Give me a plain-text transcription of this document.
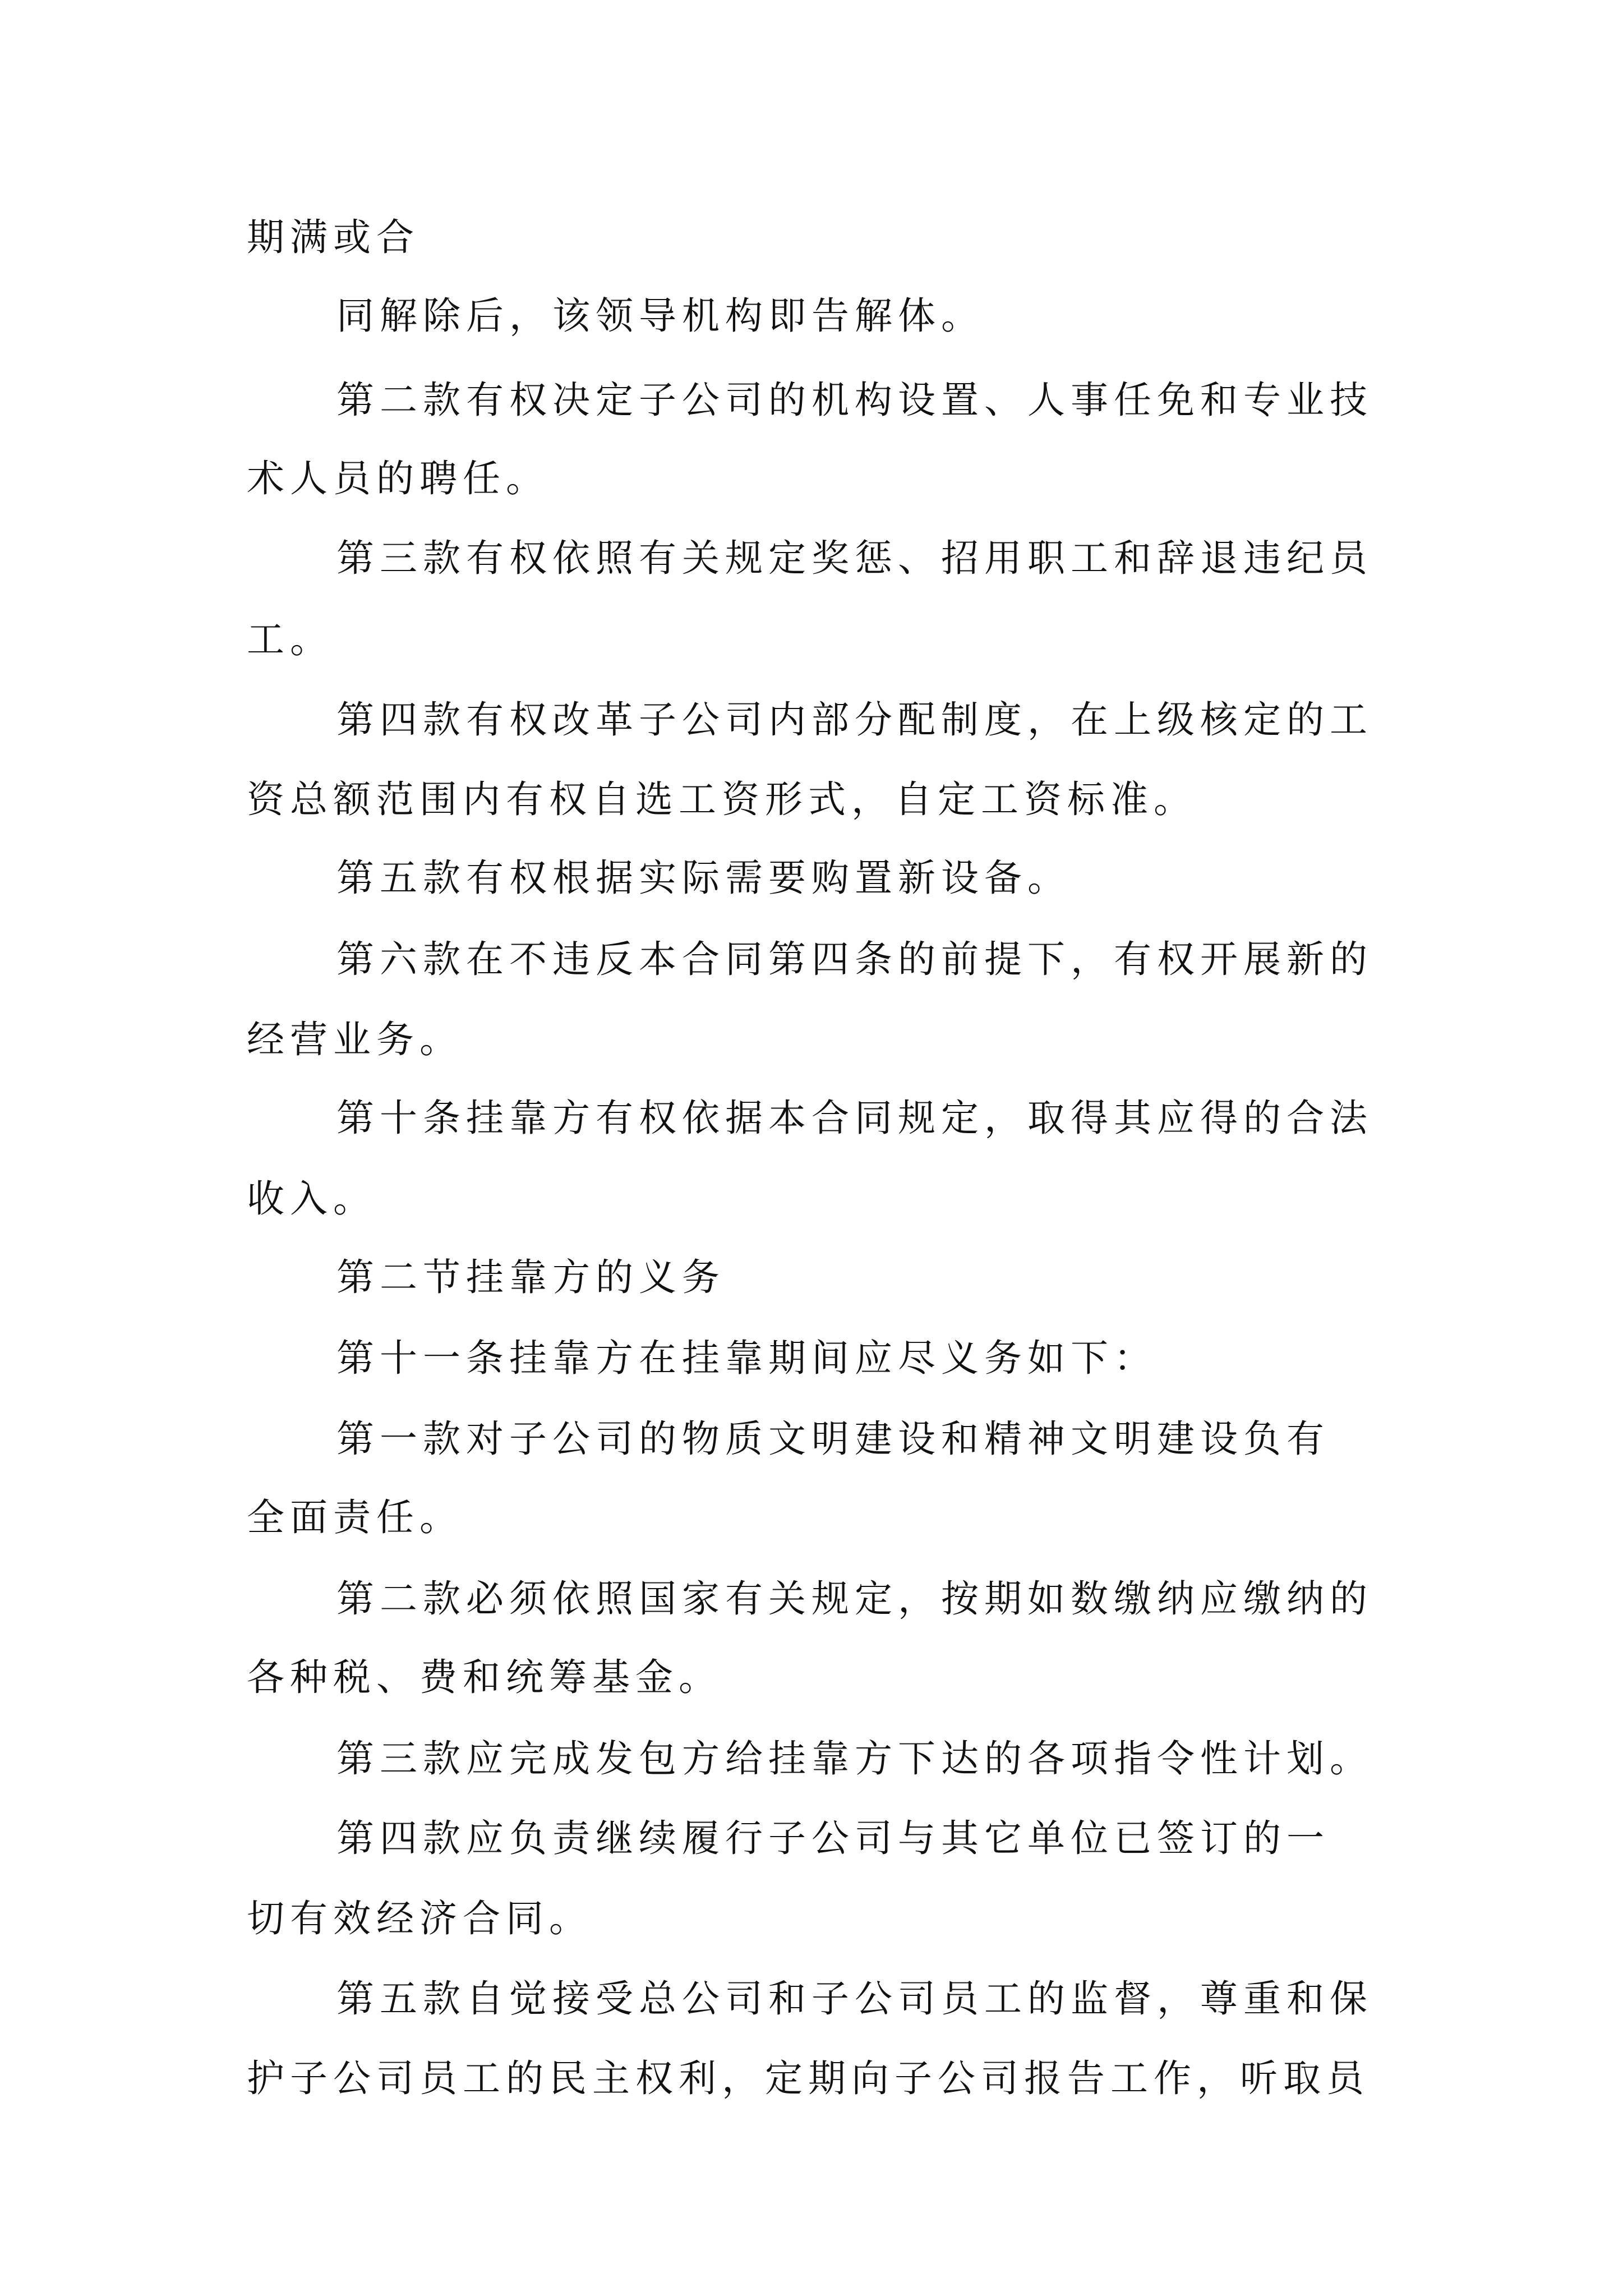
期满或合
同解除后，该领导机构即告解体。
第二款有权决定子公司的机构设置、人事任免和专业技
术人员的聘任。
第三款有权依照有关规定奖惩、招用职工和辞退违纪员
工。
第四款有权改革子公司内部分配制度，在上级核定的工
资总额范围内有权自选工资形式，自定工资标准。
第五款有权根据实际需要购置新设备。
第六款在不违反本合同第四条的前提下，有权开展新的
经营业务。
第十条挂靠方有权依据本合同规定，取得其应得的合法
收入。
第二节挂靠方的义务
第十一条挂靠方在挂靠期间应尽义务如下：
第一款对子公司的物质文明建设和精神文明建设负有
全面责任。
第二款必须依照国家有关规定，按期如数缴纳应缴纳的
各种税、费和统筹基金。
第三款应完成发包方给挂靠方下达的各项指令性计划。
第四款应负责继续履行子公司与其它单位已签订的一
切有效经济合同。
第五款自觉接受总公司和子公司员工的监督，尊重和保
护子公司员工的民主权利，定期向子公司报告工作，听取员
